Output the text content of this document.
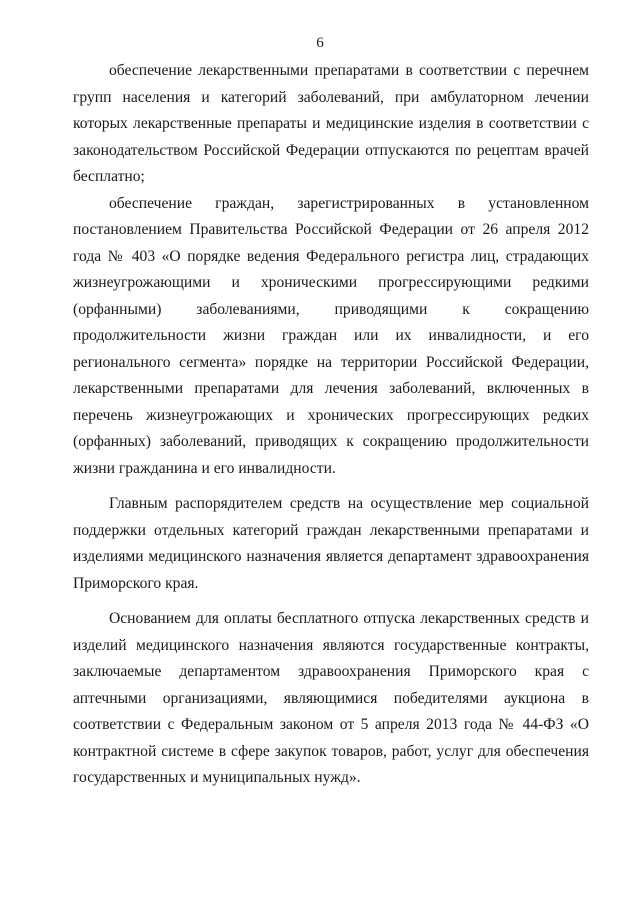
6

обеспечение лекарственными препаратами в соответствии с перечнем групп населения и категорий заболеваний, при амбулаторном лечении которых лекарственные препараты и медицинские изделия в соответствии с законодательством Российской Федерации отпускаются по рецептам врачей бесплатно;

обеспечение граждан, зарегистрированных в установленном постановлением Правительства Российской Федерации от 26 апреля 2012 года № 403 «О порядке ведения Федерального регистра лиц, страдающих жизнеугрожающими и хроническими прогрессирующими редкими (орфанными) заболеваниями, приводящими к сокращению продолжительности жизни граждан или их инвалидности, и его регионального сегмента» порядке на территории Российской Федерации, лекарственными препаратами для лечения заболеваний, включенных в перечень жизнеугрожающих и хронических прогрессирующих редких (орфанных) заболеваний, приводящих к сокращению продолжительности жизни гражданина и его инвалидности.

Главным распорядителем средств на осуществление мер социальной поддержки отдельных категорий граждан лекарственными препаратами и изделиями медицинского назначения является департамент здравоохранения Приморского края.

Основанием для оплаты бесплатного отпуска лекарственных средств и изделий медицинского назначения являются государственные контракты, заключаемые департаментом здравоохранения Приморского края с аптечными организациями, являющимися победителями аукциона в соответствии с Федеральным законом от 5 апреля 2013 года № 44-ФЗ «О контрактной системе в сфере закупок товаров, работ, услуг для обеспечения государственных и муниципальных нужд».
